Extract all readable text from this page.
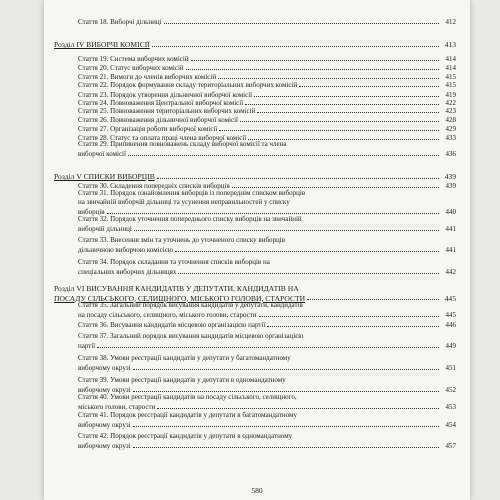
Стаття 18. Виборчі дільниці	412
Розділ IV ВИБОРЧІ КОМІСІЇ	413
Стаття 19. Система виборчих комісій	414
Стаття 20. Статус виборчих комісій	414
Стаття 21. Вимоги до членів виборчих комісій	415
Стаття 22. Порядок формування складу територіальних виборчих комісій	415
Стаття 23. Порядок утворення дільничної виборчої комісії	419
Стаття 24. Повноваження Центральної виборчої комісії	422
Стаття 25. Повноваження територіальних виборчих комісій	423
Стаття 26. Повноваження дільничної виборчої комісії	428
Стаття 27. Організація роботи виборчої комісії	429
Стаття 28. Статус та оплата праці члена виборчої комісії	433
Стаття 29. Припинення повноважень складу виборчої комісії та члена
виборчої комісії	436
Розділ V СПИСКИ ВИБОРЦІВ	439
Стаття 30. Складення попередніх списків виборців	439
Стаття 31. Порядок ознайомлення виборців із попереднім списком виборців
на звичайній виборчій дільниці та усунення неправильностей у списку
виборців	440
Стаття 32. Порядок уточнення попереднього списку виборців на звичайній
виборчій дільниці	441
Стаття 33. Внесення змін та уточнень до уточненого списку виборців
дільничною виборчою комісією	441
Стаття 34. Порядок складання та уточнення списків виборців на
спеціальних виборчих дільницях	442
Розділ VI ВИСУВАННЯ КАНДИДАТІВ У ДЕПУТАТИ, КАНДИДАТІВ НА
ПОСАДУ СІЛЬСЬКОГО, СЕЛИЩНОГО, МІСЬКОГО ГОЛОВИ, СТАРОСТИ	445
Стаття 35. Загальний порядок висування кандидатів у депутати, кандидатів
на посаду сільського, селищного, міського голови, старости	445
Стаття 36. Висування кандидатів місцевою організацією партії	446
Стаття 37. Загальний порядок висування кандидатів місцевою організацією
партії	449
Стаття 38. Умови реєстрації кандидатів у депутати у багатомандатному
виборчому окрузі	451
Стаття 39. Умови реєстрації кандидатів у депутати в одномандатному
виборчому окрузі	452
Стаття 40. Умови реєстрації кандидатів на посаду сільського, селищного,
міського голови, старости	453
Стаття 41. Порядок реєстрації кандидатів у депутати в багатомандатному
виборчому окрузі	454
Стаття 42. Порядок реєстрації кандидатів у депутати в одномандатному
виборчому окрузі	457
580
